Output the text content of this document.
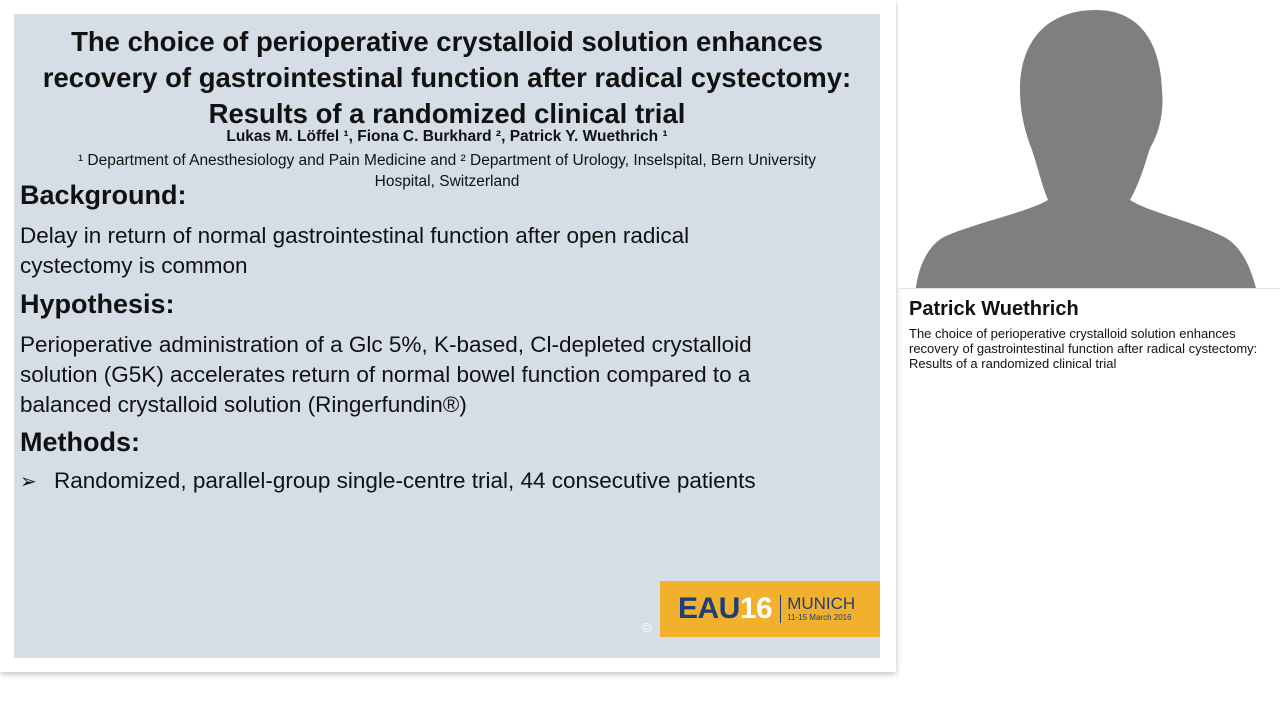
The choice of perioperative crystalloid solution enhances
recovery of gastrointestinal function after radical cystectomy:
Results of a randomized clinical trial
Lukas M. Löffel ¹, Fiona C. Burkhard ², Patrick Y. Wuethrich ¹
¹ Department of Anesthesiology and Pain Medicine and ² Department of Urology, Inselspital, Bern University
Hospital, Switzerland
Background:
Delay in return of normal gastrointestinal function after open radical
cystectomy is common
Hypothesis:
Perioperative administration of a Glc 5%, K-based, Cl-depleted crystalloid
solution (G5K) accelerates return of normal bowel function compared to a
balanced crystalloid solution (Ringerfundin®)
Methods:
➢ Randomized, parallel-group single-centre trial, 44 consecutive patients
EAU16 MUNICH
11-15 March 2016
©
Patrick Wuethrich
The choice of perioperative crystalloid solution enhances recovery of gastrointestinal function after radical cystectomy: Results of a randomized clinical trial
